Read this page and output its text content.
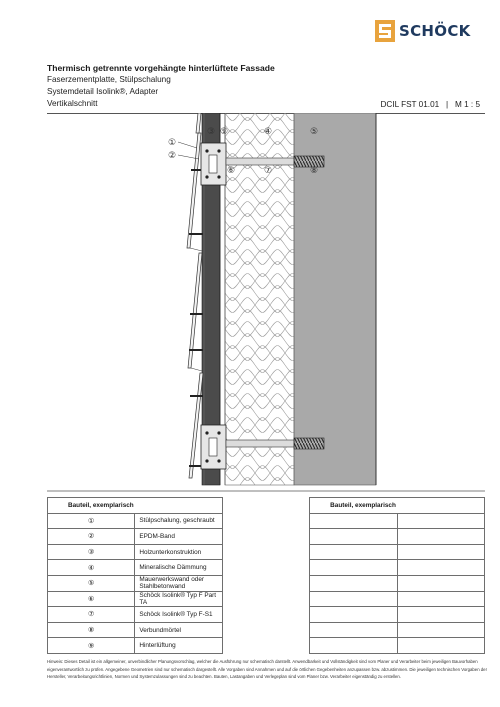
SCHÖCK
Thermisch getrennte vorgehängte hinterlüftete Fassade
Faserzementplatte, Stülpschalung
Systemdetail Isolink®, Adapter
Vertikalschnitt	DCIL FST 01.01 | M 1 : 5
①
②
③ ⑨	④	⑤
⑥	⑦	⑧
Bauteil, exemplarisch			Bauteil, exemplarisch	
①	Stülpschalung, geschraubt			
②	EPDM-Band			
③	Holzunterkonstruktion			
④	Mineralische Dämmung			
⑤	Mauerwerkswand oder Stahlbetonwand			
⑥	Schöck Isolink® Typ F Part TA			
⑦	Schöck Isolink® Typ F-S1			
⑧	Verbundmörtel			
⑨	Hinterlüftung			
Hinweis: Dieses Detail ist ein allgemeiner, unverbindlicher Planungsvorschlag, welcher die Ausführung nur schematisch darstellt. Anwendbarkeit und Vollständigkeit sind vom Planer und Verarbeiter beim jeweiligen Bauvorhaben eigenverantwortlich zu prüfen. Angegebene Geometrien sind nur schematisch dargestellt. Alle Vorgaben sind Annahmen und auf die örtlichen Gegebenheiten anzupassen bzw. abzustimmen. Die jeweiligen technischen Vorgaben der Hersteller, Verarbeitungsrichtlinien, Normen und Systemzulassungen sind zu beachten. Bauten, Lastangaben und Verlegeplan sind vom Planer bzw. Verarbeiter eigenständig zu erstellen.
